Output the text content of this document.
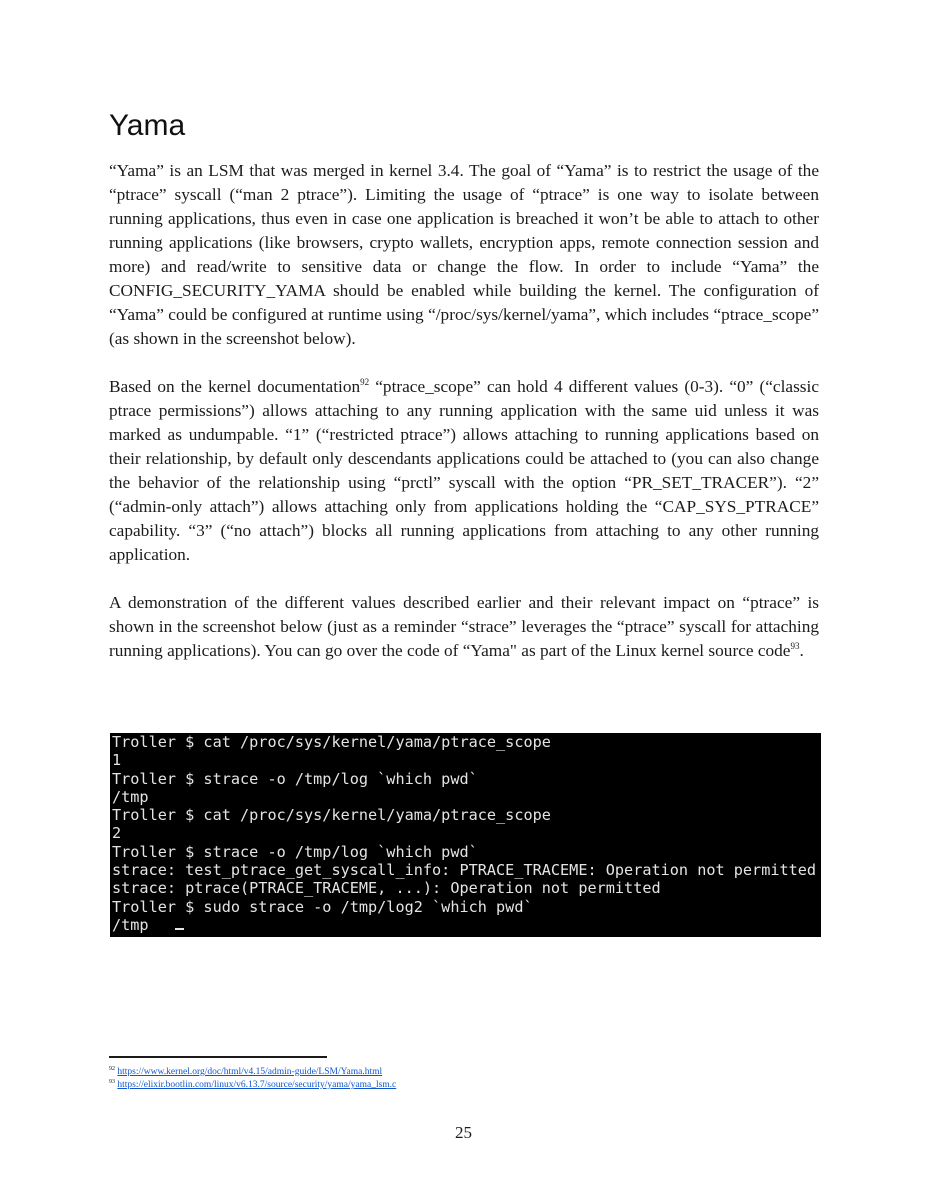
Yama

“Yama” is an LSM that was merged in kernel 3.4. The goal of “Yama” is to restrict the usage of the “ptrace” syscall (“man 2 ptrace”). Limiting the usage of “ptrace” is one way to isolate between running applications, thus even in case one application is breached it won’t be able to attach to other running applications (like browsers, crypto wallets, encryption apps, remote connection session and more) and read/write to sensitive data or change the flow. In order to include “Yama” the CONFIG_SECURITY_YAMA should be enabled while building the kernel. The configuration of “Yama” could be configured at runtime using “/proc/sys/kernel/yama”, which includes “ptrace_scope” (as shown in the screenshot below).

Based on the kernel documentation$^{92}$ “ptrace_scope” can hold 4 different values (0-3). “0” (“classic ptrace permissions”) allows attaching to any running application with the same uid unless it was marked as undumpable. “1” (“restricted ptrace”) allows attaching to running applications based on their relationship, by default only descendants applications could be attached to (you can also change the behavior of the relationship using “prctl” syscall with the option “PR_SET_TRACER”). “2” (“admin-only attach”) allows attaching only from applications holding the “CAP_SYS_PTRACE” capability. “3” (“no attach”) blocks all running applications from attaching to any other running application.

A demonstration of the different values described earlier and their relevant impact on “ptrace” is shown in the screenshot below (just as a reminder “strace” leverages the “ptrace” syscall for attaching running applications). You can go over the code of “Yama" as part of the Linux kernel source code$^{93}$.

Troller $ cat /proc/sys/kernel/yama/ptrace_scope
1
Troller $ strace -o /tmp/log `which pwd`
/tmp
Troller $ cat /proc/sys/kernel/yama/ptrace_scope
2
Troller $ strace -o /tmp/log `which pwd`
strace: test_ptrace_get_syscall_info: PTRACE_TRACEME: Operation not permitted
strace: ptrace(PTRACE_TRACEME, ...): Operation not permitted
Troller $ sudo strace -o /tmp/log2 `which pwd`
/tmp

$^{92}$ https://www.kernel.org/doc/html/v4.15/admin-guide/LSM/Yama.html

$^{93}$ https://elixir.bootlin.com/linux/v6.13.7/source/security/yama/yama_lsm.c

25
